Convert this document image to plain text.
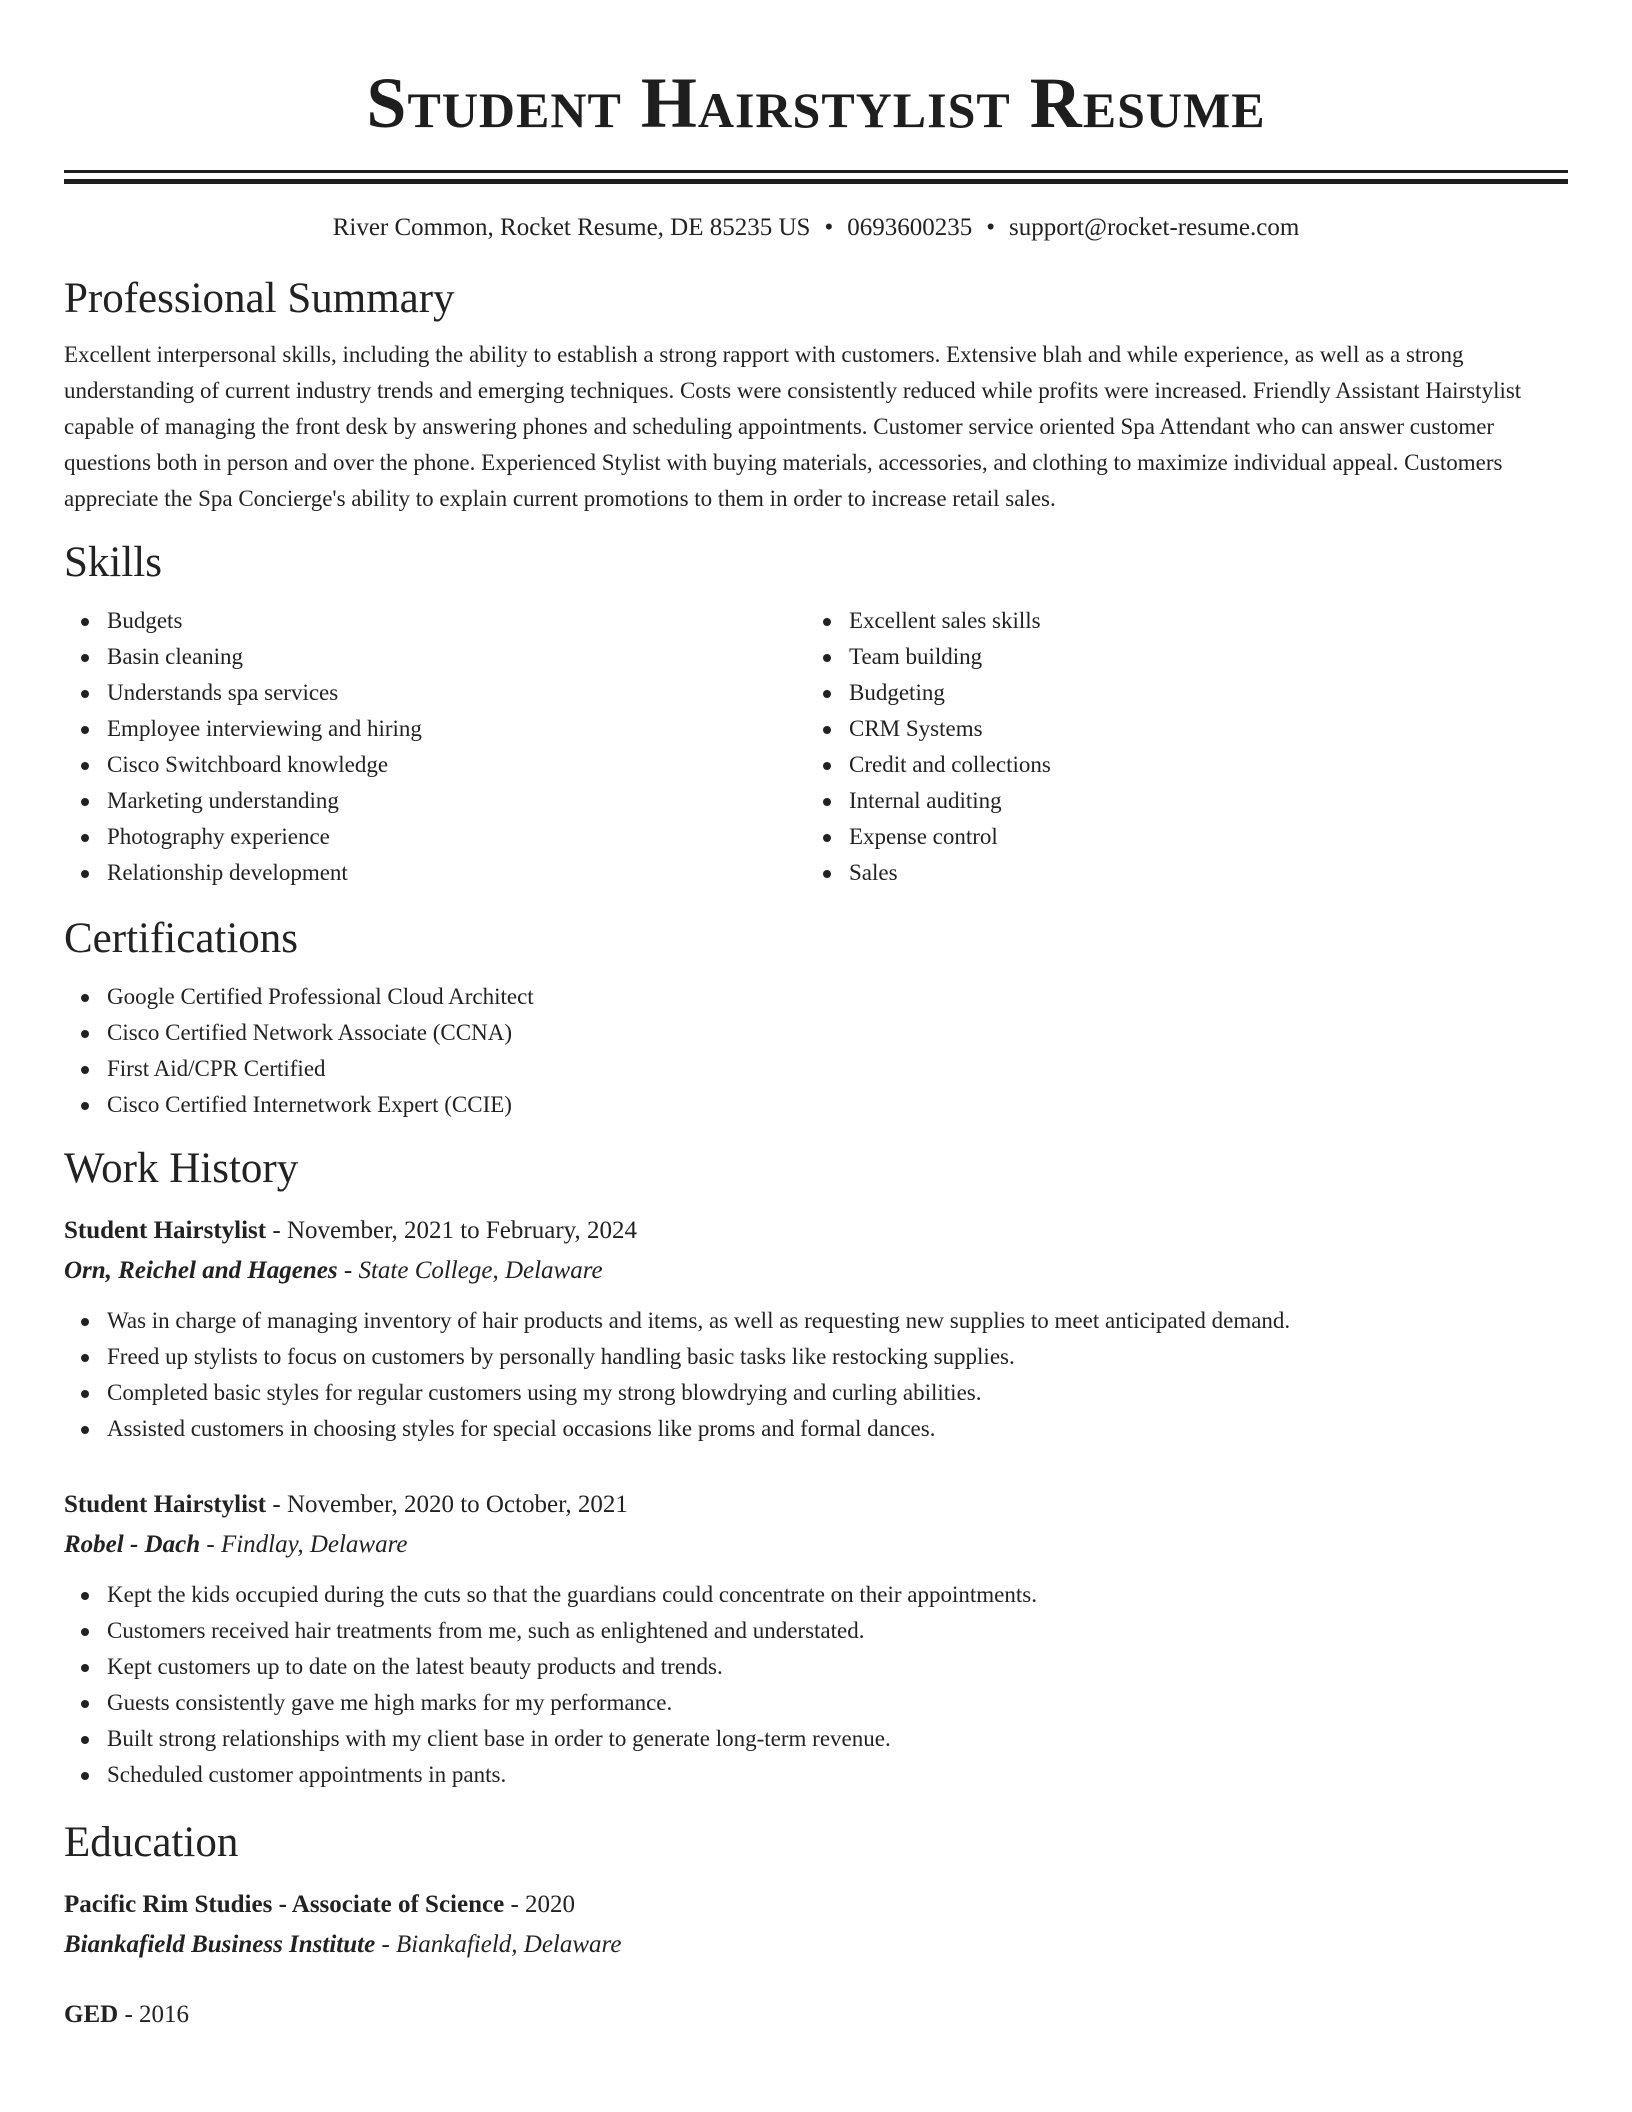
Student Hairstylist Resume
River Common, Rocket Resume, DE 85235 US • 0693600235 • support@rocket-resume.com
Professional Summary

Excellent interpersonal skills, including the ability to establish a strong rapport with customers. Extensive blah and while experience, as well as a strong understanding of current industry trends and emerging techniques. Costs were consistently reduced while profits were increased. Friendly Assistant Hairstylist capable of managing the front desk by answering phones and scheduling appointments. Customer service oriented Spa Attendant who can answer customer questions both in person and over the phone. Experienced Stylist with buying materials, accessories, and clothing to maximize individual appeal. Customers appreciate the Spa Concierge's ability to explain current promotions to them in order to increase retail sales.

Skills
Budgets
Basin cleaning
Understands spa services
Employee interviewing and hiring
Cisco Switchboard knowledge
Marketing understanding
Photography experience
Relationship development
Excellent sales skills
Team building
Budgeting
CRM Systems
Credit and collections
Internal auditing
Expense control
Sales
Certifications
Google Certified Professional Cloud Architect
Cisco Certified Network Associate (CCNA)
First Aid/CPR Certified
Cisco Certified Internetwork Expert (CCIE)
Work History
Student Hairstylist - November, 2021 to February, 2024
Orn, Reichel and Hagenes - State College, Delaware
Was in charge of managing inventory of hair products and items, as well as requesting new supplies to meet anticipated demand.
Freed up stylists to focus on customers by personally handling basic tasks like restocking supplies.
Completed basic styles for regular customers using my strong blowdrying and curling abilities.
Assisted customers in choosing styles for special occasions like proms and formal dances.
Student Hairstylist - November, 2020 to October, 2021
Robel - Dach - Findlay, Delaware
Kept the kids occupied during the cuts so that the guardians could concentrate on their appointments.
Customers received hair treatments from me, such as enlightened and understated.
Kept customers up to date on the latest beauty products and trends.
Guests consistently gave me high marks for my performance.
Built strong relationships with my client base in order to generate long-term revenue.
Scheduled customer appointments in pants.
Education
Pacific Rim Studies - Associate of Science - 2020
Biankafield Business Institute - Biankafield, Delaware
GED - 2016
